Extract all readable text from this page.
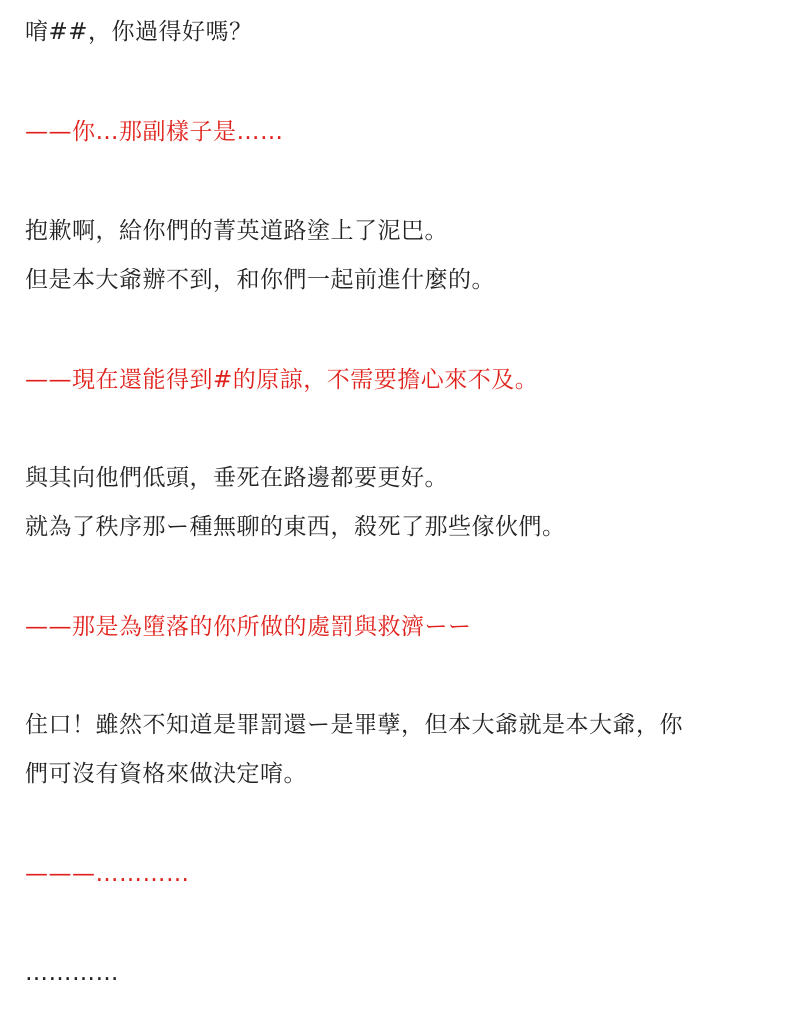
唷##，你過得好嗎？

——你…那副樣子是……

抱歉啊，給你們的菁英道路塗上了泥巴。

但是本大爺辦不到，和你們一起前進什麼的。

——現在還能得到#的原諒，不需要擔心來不及。

與其向他們低頭，垂死在路邊都要更好。

就為了秩序那ー種無聊的東西，殺死了那些傢伙們。

——那是為墮落的你所做的處罰與救濟ーー

住口！雖然不知道是罪罰還ー是罪孽，但本大爺就是本大爺，你

們可沒有資格來做決定唷。

———…………

…………
